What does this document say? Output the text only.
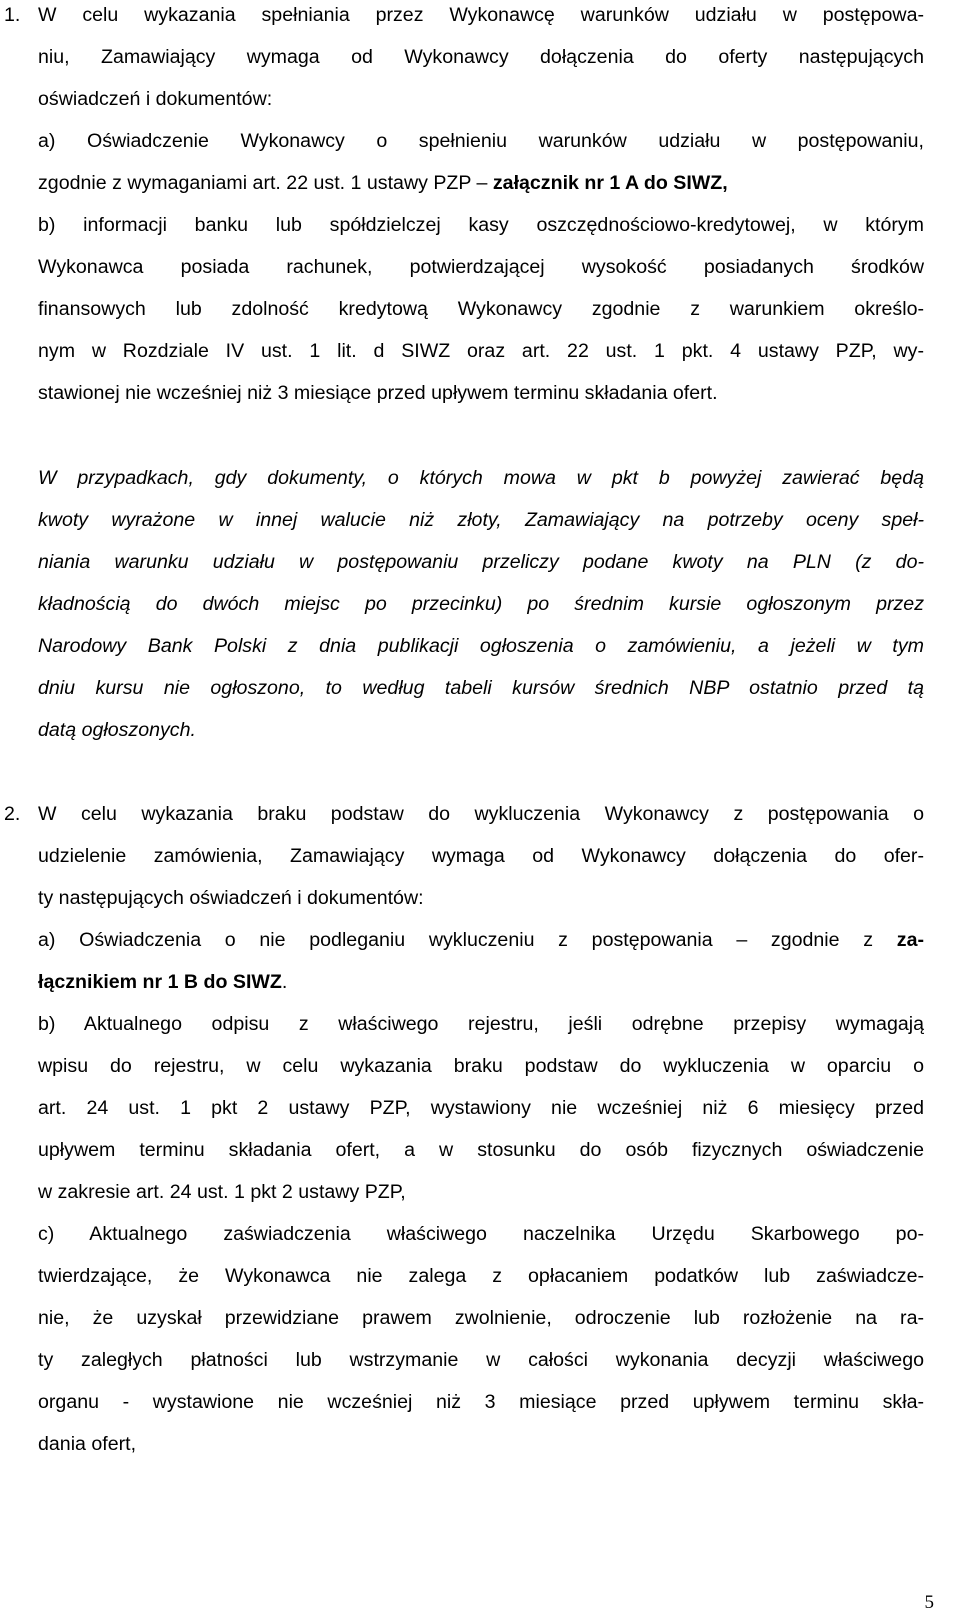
1. W celu wykazania spełniania przez Wykonawcę warunków udziału w postępowa-
niu, Zamawiający wymaga od Wykonawcy dołączenia do oferty następujących
oświadczeń i dokumentów:
a) Oświadczenie Wykonawcy o spełnieniu warunków udziału w postępowaniu,
zgodnie z wymaganiami art. 22 ust. 1 ustawy PZP – załącznik nr 1 A do SIWZ,
b) informacji banku lub spółdzielczej kasy oszczędnościowo-kredytowej, w którym
Wykonawca posiada rachunek, potwierdzającej wysokość posiadanych środków
finansowych lub zdolność kredytową Wykonawcy zgodnie z warunkiem określo-
nym w Rozdziale IV ust. 1 lit. d SIWZ oraz art. 22 ust. 1 pkt. 4 ustawy PZP, wy-
stawionej nie wcześniej niż 3 miesiące przed upływem terminu składania ofert.
W przypadkach, gdy dokumenty, o których mowa w pkt b powyżej zawierać będą
kwoty wyrażone w innej walucie niż złoty, Zamawiający na potrzeby oceny speł-
niania warunku udziału w postępowaniu przeliczy podane kwoty na PLN (z do-
kładnością do dwóch miejsc po przecinku) po średnim kursie ogłoszonym przez
Narodowy Bank Polski z dnia publikacji ogłoszenia o zamówieniu, a jeżeli w tym
dniu kursu nie ogłoszono, to według tabeli kursów średnich NBP ostatnio przed tą
datą ogłoszonych.
2. W celu wykazania braku podstaw do wykluczenia Wykonawcy z postępowania o
udzielenie zamówienia, Zamawiający wymaga od Wykonawcy dołączenia do ofer-
ty następujących oświadczeń i dokumentów:
a) Oświadczenia o nie podleganiu wykluczeniu z postępowania – zgodnie z za-
łącznikiem nr 1 B do SIWZ.
b) Aktualnego odpisu z właściwego rejestru, jeśli odrębne przepisy wymagają
wpisu do rejestru, w celu wykazania braku podstaw do wykluczenia w oparciu o
art. 24 ust. 1 pkt 2 ustawy PZP, wystawiony nie wcześniej niż 6 miesięcy przed
upływem terminu składania ofert, a w stosunku do osób fizycznych oświadczenie
w zakresie art. 24 ust. 1 pkt 2 ustawy PZP,
c) Aktualnego zaświadczenia właściwego naczelnika Urzędu Skarbowego po-
twierdzające, że Wykonawca nie zalega z opłacaniem podatków lub zaświadcze-
nie, że uzyskał przewidziane prawem zwolnienie, odroczenie lub rozłożenie na ra-
ty zaległych płatności lub wstrzymanie w całości wykonania decyzji właściwego
organu - wystawione nie wcześniej niż 3 miesiące przed upływem terminu skła-
dania ofert,
5
